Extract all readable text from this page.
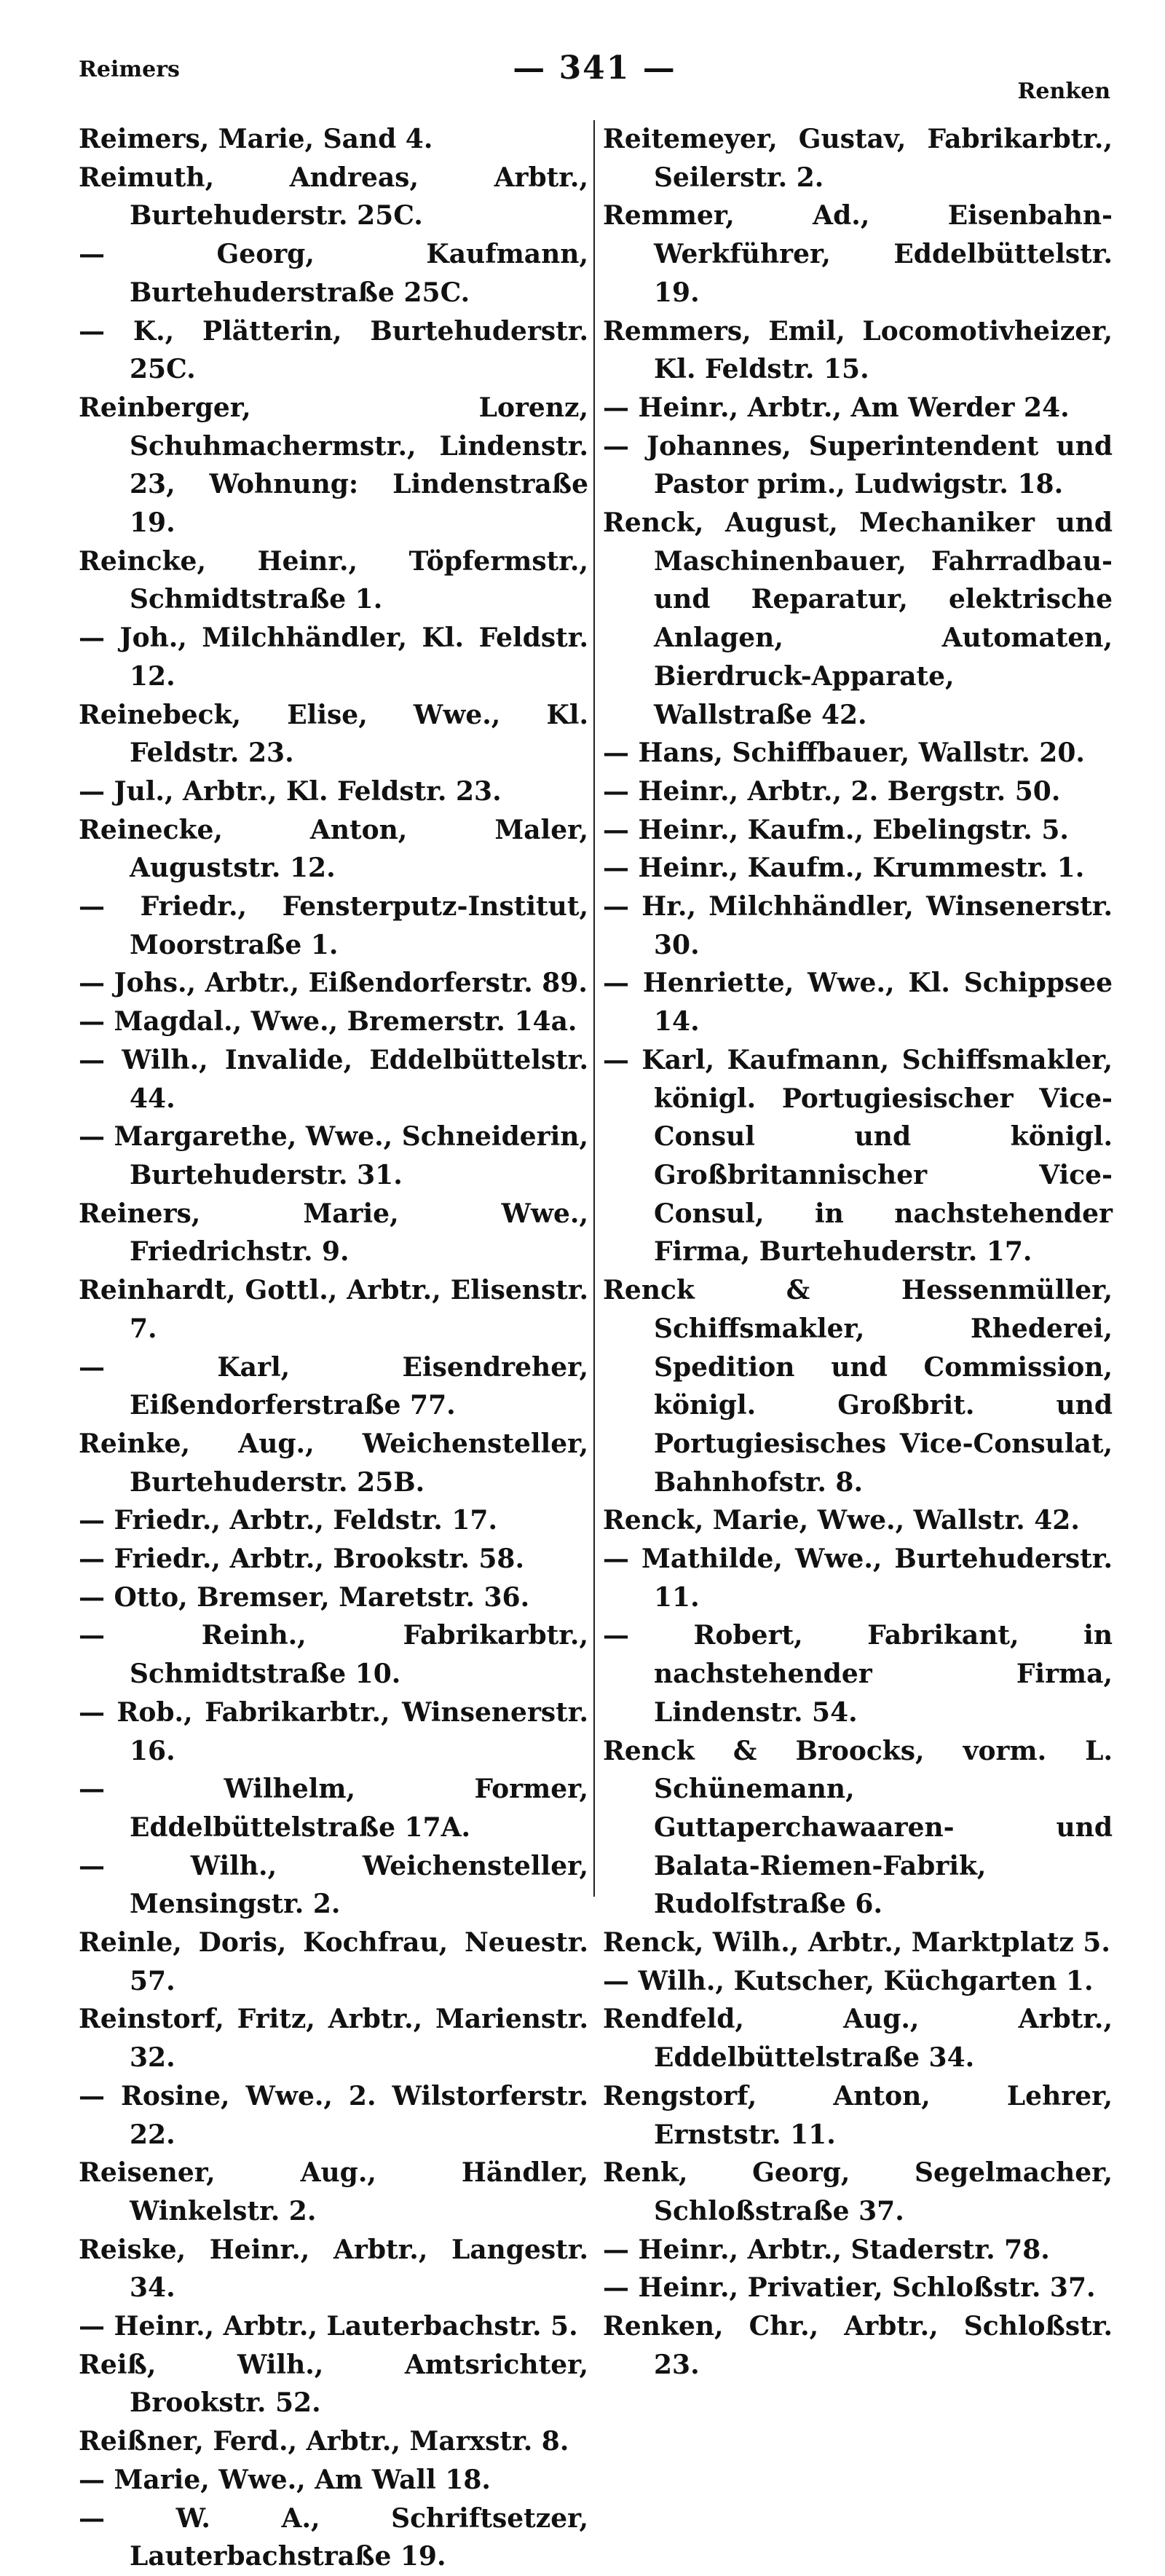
Reimers	— 341 —
Renken

Reimers, Marie, Sand 4.

Reimuth, Andreas, Arbtr., Burtehuderstr. 25C.

— Georg, Kaufmann, Burtehuderstraße 25C.

— K., Plätterin, Burtehuderstr. 25C.

Reinberger, Lorenz, Schuhmachermstr., Lindenstr. 23, Wohnung: Lindenstraße 19.

Reincke, Heinr., Töpfermstr., Schmidtstraße 1.

— Joh., Milchhändler, Kl. Feldstr. 12.

Reinebeck, Elise, Wwe., Kl. Feldstr. 23.

— Jul., Arbtr., Kl. Feldstr. 23.

Reinecke, Anton, Maler, Auguststr. 12.

— Friedr., Fensterputz-Institut, Moorstraße 1.

— Johs., Arbtr., Eißendorferstr. 89.

— Magdal., Wwe., Bremerstr. 14a.

— Wilh., Invalide, Eddelbüttelstr. 44.

— Margarethe, Wwe., Schneiderin, Burtehuderstr. 31.

Reiners, Marie, Wwe., Friedrichstr. 9.

Reinhardt, Gottl., Arbtr., Elisenstr. 7.

— Karl, Eisendreher, Eißendorferstraße 77.

Reinke, Aug., Weichensteller, Burtehuderstr. 25B.

— Friedr., Arbtr., Feldstr. 17.

— Friedr., Arbtr., Brookstr. 58.

— Otto, Bremser, Maretstr. 36.

— Reinh., Fabrikarbtr., Schmidtstraße 10.

— Rob., Fabrikarbtr., Winsenerstr. 16.

— Wilhelm, Former, Eddelbüttelstraße 17A.

— Wilh., Weichensteller, Mensingstr. 2.

Reinle, Doris, Kochfrau, Neuestr. 57.

Reinstorf, Fritz, Arbtr., Marienstr. 32.

— Rosine, Wwe., 2. Wilstorferstr. 22.

Reisener, Aug., Händler, Winkelstr. 2.

Reiske, Heinr., Arbtr., Langestr. 34.

— Heinr., Arbtr., Lauterbachstr. 5.

Reiß, Wilh., Amtsrichter, Brookstr. 52.

Reißner, Ferd., Arbtr., Marxstr. 8.

— Marie, Wwe., Am Wall 18.

— W. A., Schriftsetzer, Lauterbachstraße 19.

Reitemeyer, Gustav, Fabrikarbtr., Seilerstr. 2.

Remmer, Ad., Eisenbahn-Werkführer, Eddelbüttelstr. 19.

Remmers, Emil, Locomotivheizer, Kl. Feldstr. 15.

— Heinr., Arbtr., Am Werder 24.

— Johannes, Superintendent und Pastor prim., Ludwigstr. 18.

Renck, August, Mechaniker und Maschinenbauer, Fahrradbau- und Reparatur, elektrische Anlagen, Automaten, Bierdruck-Apparate, Wallstraße 42.

— Hans, Schiffbauer, Wallstr. 20.

— Heinr., Arbtr., 2. Bergstr. 50.

— Heinr., Kaufm., Ebelingstr. 5.

— Heinr., Kaufm., Krummestr. 1.

— Hr., Milchhändler, Winsenerstr. 30.

— Henriette, Wwe., Kl. Schippsee 14.

— Karl, Kaufmann, Schiffsmakler, königl. Portugiesischer Vice-Consul und königl. Großbritannischer Vice-Consul, in nachstehender Firma, Burtehuderstr. 17.

Renck & Hessenmüller, Schiffsmakler, Rhederei, Spedition und Commission, königl. Großbrit. und Portugiesisches Vice-Consulat, Bahnhofstr. 8.

Renck, Marie, Wwe., Wallstr. 42.

— Mathilde, Wwe., Burtehuderstr. 11.

— Robert, Fabrikant, in nachstehender Firma, Lindenstr. 54.

Renck & Broocks, vorm. L. Schünemann, Guttaperchawaaren- und Balata-Riemen-Fabrik, Rudolfstraße 6.

Renck, Wilh., Arbtr., Marktplatz 5.

— Wilh., Kutscher, Küchgarten 1.

Rendfeld, Aug., Arbtr., Eddelbüttelstraße 34.

Rengstorf, Anton, Lehrer, Ernststr. 11.

Renk, Georg, Segelmacher, Schloßstraße 37.

— Heinr., Arbtr., Staderstr. 78.

— Heinr., Privatier, Schloßstr. 37.

Renken, Chr., Arbtr., Schloßstr. 23.
